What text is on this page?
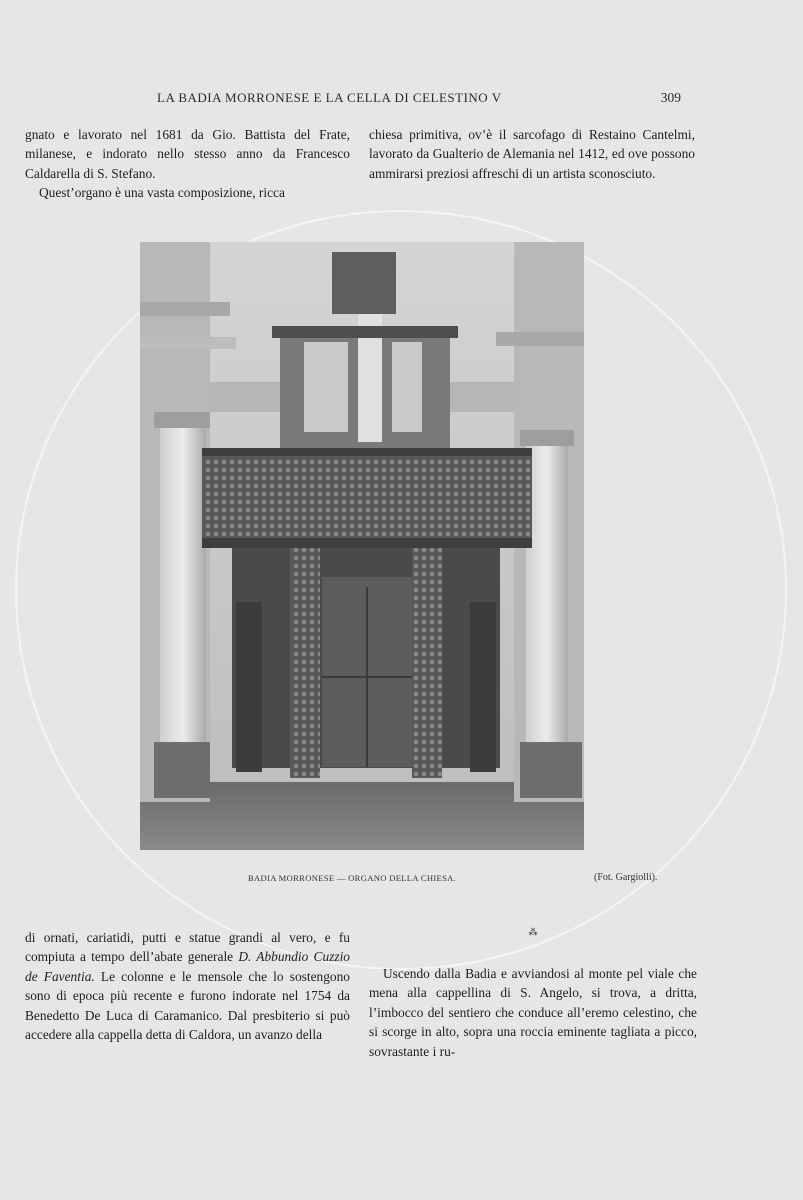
LA BADIA MORRONESE E LA CELLA DI CELESTINO V	309

gnato e lavorato nel 1681 da Gio. Battista del Frate, milanese, e indorato nello stesso anno da Francesco Caldarella di S. Stefano.

Quest’organo è una vasta composizione, ricca

chiesa primitiva, ov’è il sarcofago di Restaino Cantelmi, lavorato da Gualterio de Alemania nel 1412, ed ove possono ammirarsi preziosi affreschi di un artista sconosciuto.

BADIA MORRONESE — ORGANO DELLA CHIESA.	(Fot. Gargiolli).

di ornati, cariatidi, putti e statue grandi al vero, e fu compiuta a tempo dell’abate generale D. Abbundio Cuzzio de Faventia. Le colonne e le mensole che lo sostengono sono di epoca più recente e furono indorate nel 1754 da Benedetto De Luca di Caramanico. Dal presbiterio si può accedere alla cappella detta di Caldora, un avanzo della

⁂

Uscendo dalla Badia e avviandosi al monte pel viale che mena alla cappellina di S. Angelo, si trova, a dritta, l’imbocco del sentiero che conduce all’eremo celestino, che si scorge in alto, sopra una roccia eminente tagliata a picco, sovrastante i ru-
